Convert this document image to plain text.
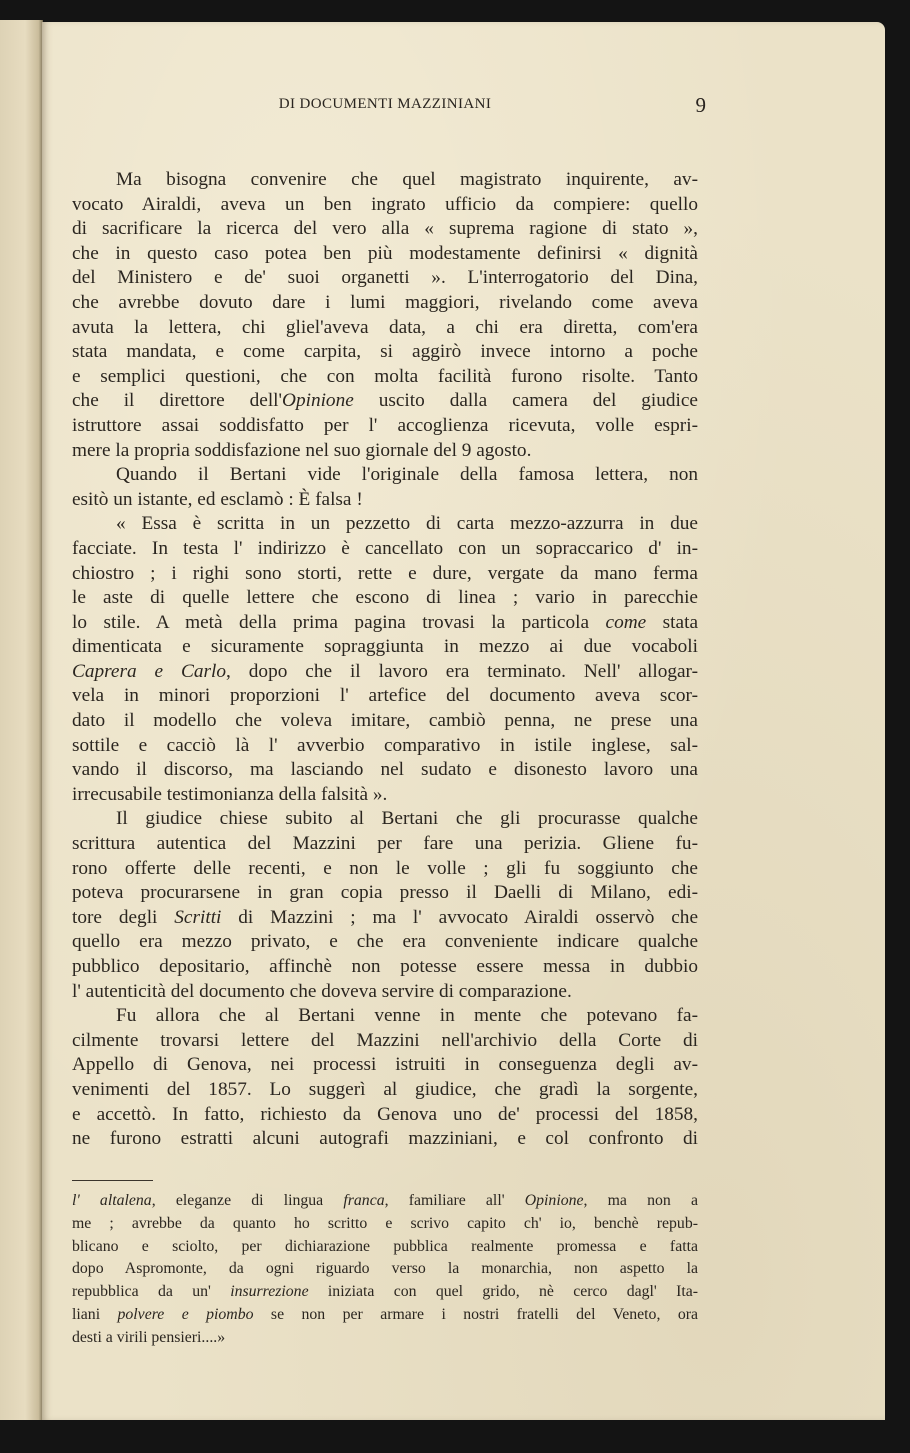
DI DOCUMENTI MAZZINIANI	9
Ma bisogna convenire che quel magistrato inquirente, av-
vocato Airaldi, aveva un ben ingrato ufficio da compiere: quello
di sacrificare la ricerca del vero alla « suprema ragione di stato »,
che in questo caso potea ben più modestamente definirsi « dignità
del Ministero e de' suoi organetti ». L'interrogatorio del Dina,
che avrebbe dovuto dare i lumi maggiori, rivelando come aveva
avuta la lettera, chi gliel'aveva data, a chi era diretta, com'era
stata mandata, e come carpita, si aggirò invece intorno a poche
e semplici questioni, che con molta facilità furono risolte. Tanto
che il direttore dell'Opinione uscito dalla camera del giudice
istruttore assai soddisfatto per l' accoglienza ricevuta, volle espri-
mere la propria soddisfazione nel suo giornale del 9 agosto.
Quando il Bertani vide l'originale della famosa lettera, non
esitò un istante, ed esclamò : È falsa !
« Essa è scritta in un pezzetto di carta mezzo-azzurra in due
facciate. In testa l' indirizzo è cancellato con un sopraccarico d' in-
chiostro ; i righi sono storti, rette e dure, vergate da mano ferma
le aste di quelle lettere che escono di linea ; vario in parecchie
lo stile. A metà della prima pagina trovasi la particola come stata
dimenticata e sicuramente sopraggiunta in mezzo ai due vocaboli
Caprera e Carlo, dopo che il lavoro era terminato. Nell' allogar-
vela in minori proporzioni l' artefice del documento aveva scor-
dato il modello che voleva imitare, cambiò penna, ne prese una
sottile e cacciò là l' avverbio comparativo in istile inglese, sal-
vando il discorso, ma lasciando nel sudato e disonesto lavoro una
irrecusabile testimonianza della falsità ».
Il giudice chiese subito al Bertani che gli procurasse qualche
scrittura autentica del Mazzini per fare una perizia. Gliene fu-
rono offerte delle recenti, e non le volle ; gli fu soggiunto che
poteva procurarsene in gran copia presso il Daelli di Milano, edi-
tore degli Scritti di Mazzini ; ma l' avvocato Airaldi osservò che
quello era mezzo privato, e che era conveniente indicare qualche
pubblico depositario, affinchè non potesse essere messa in dubbio
l' autenticità del documento che doveva servire di comparazione.
Fu allora che al Bertani venne in mente che potevano fa-
cilmente trovarsi lettere del Mazzini nell'archivio della Corte di
Appello di Genova, nei processi istruiti in conseguenza degli av-
venimenti del 1857. Lo suggerì al giudice, che gradì la sorgente,
e accettò. In fatto, richiesto da Genova uno de' processi del 1858,
ne furono estratti alcuni autografi mazziniani, e col confronto di
l' altalena, eleganze di lingua franca, familiare all' Opinione, ma non a
me ; avrebbe da quanto ho scritto e scrivo capito ch' io, benchè repub-
blicano e sciolto, per dichiarazione pubblica realmente promessa e fatta
dopo Aspromonte, da ogni riguardo verso la monarchia, non aspetto la
repubblica da un' insurrezione iniziata con quel grido, nè cerco dagl' Ita-
liani polvere e piombo se non per armare i nostri fratelli del Veneto, ora
desti a virili pensieri....»
